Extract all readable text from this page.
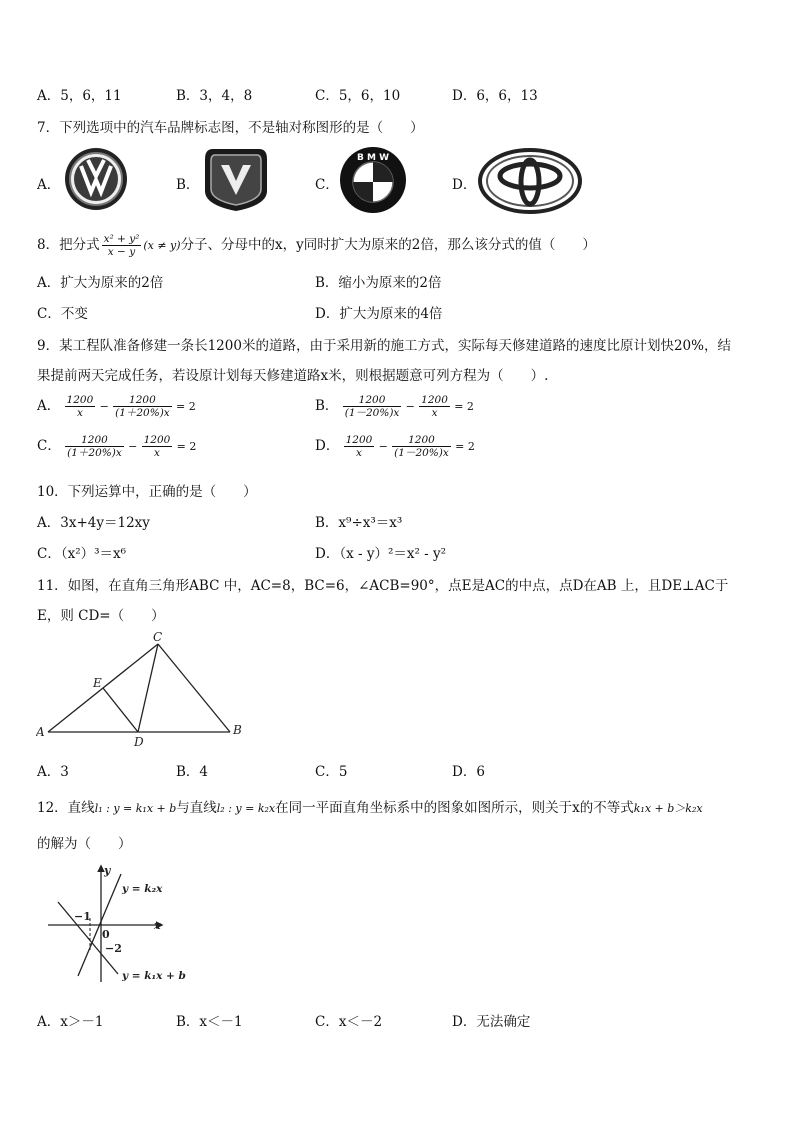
A．5，6，11	B．3，4，8	C．5，6，10	D．6，6，13
7．下列选项中的汽车品牌标志图，不是轴对称图形的是（　　）
A．	B．	C．	D．
B M W
8．把分式 $\frac{\text{x² + y²}}{x - y} (x \ne y)$分子、分母中的x，y同时扩大为原来的2倍，那么该分式的值（　　）
A．扩大为原来的2倍	B．缩小为原来的2倍
C．不变	D．扩大为原来的4倍
9．某工程队准备修建一条长1200米的道路，由于采用新的施工方式，实际每天修建道路的速度比原计划快20%，结
果提前两天完成任务，若设原计划每天修建道路x米，则根据题意可列方程为（　　）.
A． $\frac{1200}{x} - \frac{1200}{(1+20\%)x} = 2$	B． $\frac{1200}{(1-20\%)x} - \frac{1200}{x} = 2$
C． $\frac{1200}{(1+20\%)x} - \frac{1200}{x} = 2$	D． $\frac{1200}{x} - \frac{1200}{(1-20\%)x} = 2$
10．下列运算中，正确的是（　　）
A．3x+4y＝12xy	B．x⁹÷x³＝x³
C．（x²）³＝x⁶	D．（x - y）²＝x² - y²
11．如图，在直角三角形ABC 中，AC=8，BC=6，∠ACB=90°，点E是AC的中点，点D在AB 上，且DE⊥AC于
E，则 CD=（　　）
A	B
C
D
E
A．3	B．4	C．5	D．6
12．直线l₁ : y = k₁x + b与直线l₂ : y = k₂x在同一平面直角坐标系中的图象如图所示，则关于x的不等式k₁x + b＞k₂x
的解为（　　）
y
x
0
−1
−2
y = k₂x
y = k₁x + b
A．x＞－1	B．x＜－1	C．x＜－2	D．无法确定
